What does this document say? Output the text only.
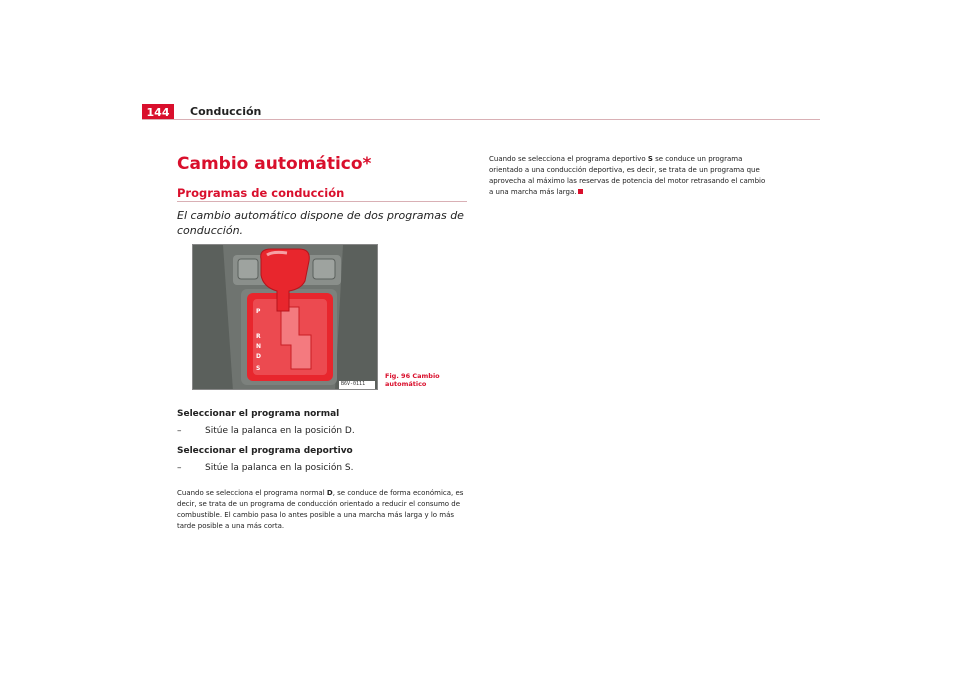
144	Conducción
Cambio automático*
Programas de conducción

El cambio automático dispone de dos programas de conducción.

P
R
N
D
S
B6V-0111

Fig. 96 Cambio automático

Seleccionar el programa normal

–	Sitúe la palanca en la posición D.

Seleccionar el programa deportivo

–	Sitúe la palanca en la posición S.

Cuando se selecciona el programa normal D, se conduce de forma económica, es decir, se trata de un programa de conducción orientado a reducir el consumo de combustible. El cambio pasa lo antes posible a una marcha más larga y lo más tarde posible a una más corta.

Cuando se selecciona el programa deportivo S se conduce un programa orientado a una conducción deportiva, es decir, se trata de un programa que aprovecha al máximo las reservas de potencia del motor retrasando el cambio a una marcha más larga.
